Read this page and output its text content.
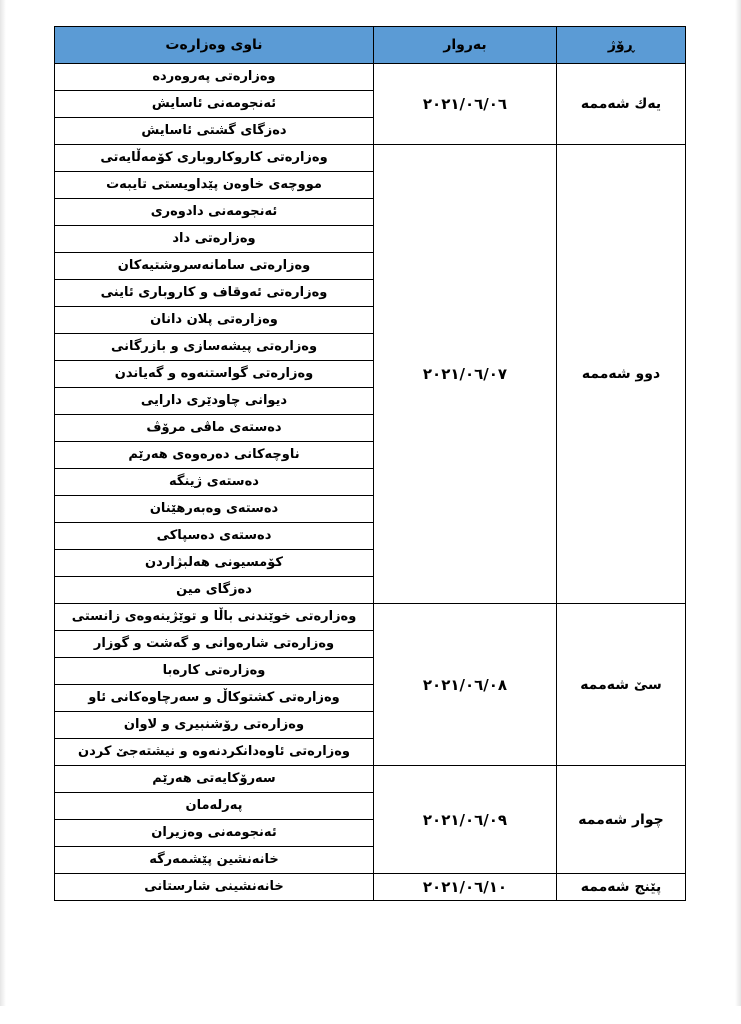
ڕۆژ	بەروار	ناوی وەزارەت
یەك شەممە	٢٠٢١/٠٦/٠٦	وەزارەتی پەروەردە
		ئەنجومەنی ئاسایش
		دەزگای گشتی ئاسایش
دوو شەممە	٢٠٢١/٠٦/٠٧	وەزارەتی کاروکاروباری کۆمەڵایەتی
		مووچەی خاوەن پێداویستی تایبەت
		ئەنجومەنی دادوەری
		وەزارەتی داد
		وەزارەتی سامانەسروشتیەکان
		وەزارەتی ئەوقاف و کاروباری ئاینی
		وەزارەتی پلان دانان
		وەزارەتی پیشەسازی و بازرگانی
		وەزارەتی گواستنەوە و گەیاندن
		دیوانی چاودێری دارایی
		دەستەی ماڤی مرۆڤ
		ناوچەکانی دەرەوەی هەرێم
		دەستەی ژینگە
		دەستەی وەبەرهێنان
		دەستەی دەسپاکی
		کۆمسیونی هەلبژاردن
		دەزگای مین
سێ شەممە	٢٠٢١/٠٦/٠٨	وەزارەتی خوێندنی باڵا و توێژینەوەی زانستی
		وەزارەتی شارەوانی و گەشت و گوزار
		وەزارەتی کارەبا
		وەزارەتی کشتوکاڵ و سەرچاوەکانی ئاو
		وەزارەتی رۆشنبیری و لاوان
		وەزارەتی ئاوەدانکردنەوە و نیشتەجێ کردن
چوار شەممە	٢٠٢١/٠٦/٠٩	سەرۆکایەتی هەرێم
		پەرلەمان
		ئەنجومەنی وەزیران
		خانەنشین پێشمەرگە
پێنج شەممە	٢٠٢١/٠٦/١٠	خانەنشینی شارستانی
